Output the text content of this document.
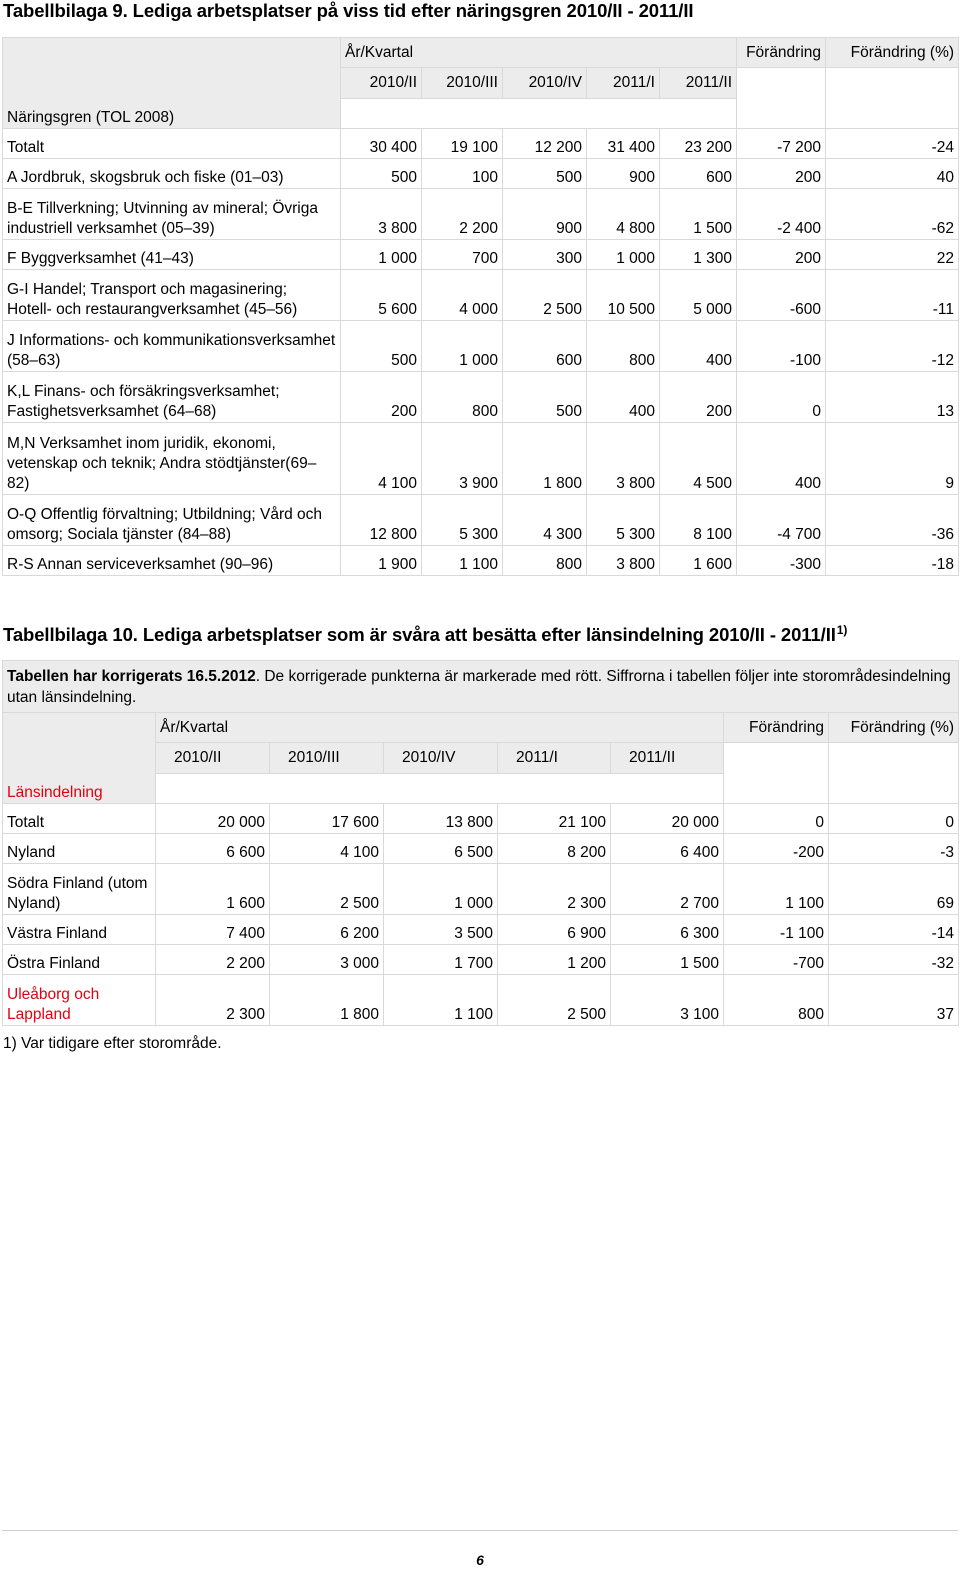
Tabellbilaga 9. Lediga arbetsplatser på viss tid efter näringsgren 2010/II - 2011/II
Näringsgren (TOL 2008)	År/Kvartal					Förändring	Förändring (%)
	2010/II	2010/III	2010/IV	2011/I	2011/II		

Totalt	30 400	19 100	12 200	31 400	23 200	-7 200	-24
A Jordbruk, skogsbruk och fiske (01–03)	500	100	500	900	600	200	40
B-E Tillverkning; Utvinning av mineral; Övriga industriell verksamhet (05–39)	3 800	2 200	900	4 800	1 500	-2 400	-62
F Byggverksamhet (41–43)	1 000	700	300	1 000	1 300	200	22
G-I Handel; Transport och magasinering; Hotell- och restaurangverksamhet (45–56)	5 600	4 000	2 500	10 500	5 000	-600	-11
J Informations- och kommunikationsverksamhet (58–63)	500	1 000	600	800	400	-100	-12
K,L Finans- och försäkringsverksamhet; Fastighetsverksamhet (64–68)	200	800	500	400	200	0	13
M,N Verksamhet inom juridik, ekonomi, vetenskap och teknik; Andra stödtjänster(69–82)	4 100	3 900	1 800	3 800	4 500	400	9
O-Q Offentlig förvaltning; Utbildning; Vård och omsorg; Sociala tjänster (84–88)	12 800	5 300	4 300	5 300	8 100	-4 700	-36
R-S Annan serviceverksamhet (90–96)	1 900	1 100	800	3 800	1 600	-300	-18
Tabellbilaga 10. Lediga arbetsplatser som är svåra att besätta efter länsindelning 2010/II - 2011/II$^{1)}$
Tabellen har korrigerats 16.5.2012. De korrigerade punkterna är markerade med rött. Siffrorna i tabellen följer inte storområdesindelning utan länsindelning.							
Länsindelning	År/Kvartal					Förändring	Förändring (%)
	2010/II	2010/III	2010/IV	2011/I	2011/II		

Totalt	20 000	17 600	13 800	21 100	20 000	0	0
Nyland	6 600	4 100	6 500	8 200	6 400	-200	-3
Södra Finland (utom Nyland)	1 600	2 500	1 000	2 300	2 700	1 100	69
Västra Finland	7 400	6 200	3 500	6 900	6 300	-1 100	-14
Östra Finland	2 200	3 000	1 700	1 200	1 500	-700	-32
Uleåborg och Lappland	2 300	1 800	1 100	2 500	3 100	800	37
1) Var tidigare efter storområde.
6
